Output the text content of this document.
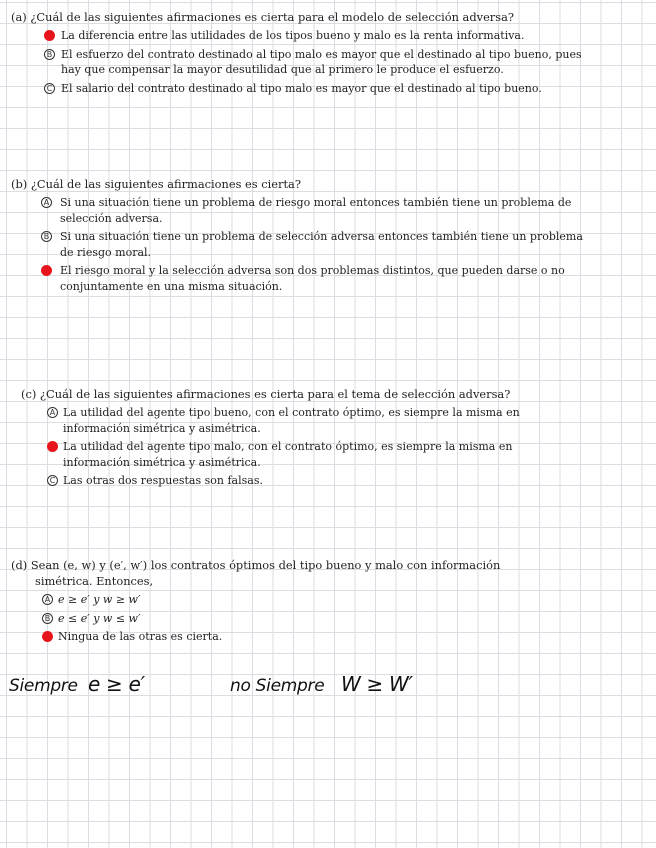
(a) ¿Cuál de las siguientes afirmaciones es cierta para el modelo de selección adversa?
La diferencia entre las utilidades de los tipos bueno y malo es la renta informativa.
B El esfuerzo del contrato destinado al tipo malo es mayor que el destinado al tipo bueno, pues hay que compensar la mayor desutilidad que al primero le produce el esfuerzo.
C El salario del contrato destinado al tipo malo es mayor que el destinado al tipo bueno.
(b) ¿Cuál de las siguientes afirmaciones es cierta?
A Si una situación tiene un problema de riesgo moral entonces también tiene un problema de selección adversa.
B Si una situación tiene un problema de selección adversa entonces también tiene un problema de riesgo moral.
El riesgo moral y la selección adversa son dos problemas distintos, que pueden darse o no conjuntamente en una misma situación.
(c) ¿Cuál de las siguientes afirmaciones es cierta para el tema de selección adversa?
A La utilidad del agente tipo bueno, con el contrato óptimo, es siempre la misma en información simétrica y asimétrica.
La utilidad del agente tipo malo, con el contrato óptimo, es siempre la misma en información simétrica y asimétrica.
C Las otras dos respuestas son falsas.
(d) Sean (e, w) y (e′, w′) los contratos óptimos del tipo bueno y malo con información simétrica. Entonces,
A e ≥ e′ y w ≥ w′
B e ≤ e′ y w ≤ w′
Ningua de las otras es cierta.
Siempre e ≥ e′	no Siempre W ≥ W′
